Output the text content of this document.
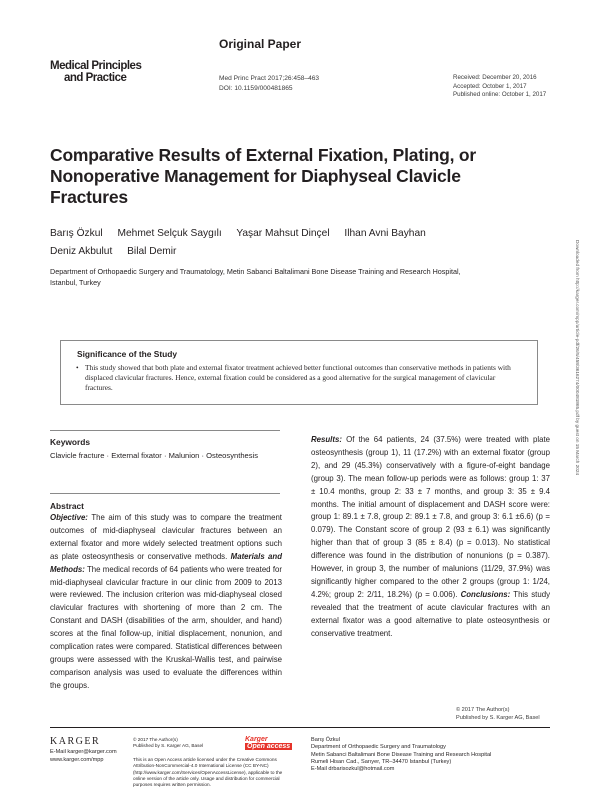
Medical Principles
and Practice
Original Paper
Med Princ Pract 2017;26:458–463
DOI: 10.1159/000481865
Received: December 20, 2016
Accepted: October 1, 2017
Published online: October 1, 2017
Comparative Results of External Fixation, Plating, or Nonoperative Management for Diaphyseal Clavicle Fractures
Barış Özkul Mehmet Selçuk Saygılı Yaşar Mahsut Dinçel Ilhan Avni Bayhan
Deniz Akbulut Bilal Demir
Department of Orthopaedic Surgery and Traumatology, Metin Sabanci Baltalimani Bone Disease Training and Research Hospital, Istanbul, Turkey
Significance of the Study
• This study showed that both plate and external fixator treatment achieved better functional outcomes than conservative methods in patients with displaced clavicular fractures. Hence, external fixation could be considered as a good alternative for the surgical management of clavicular fractures.
Keywords
Clavicle fracture · External fixator · Malunion · Osteosynthesis
Abstract
Objective: The aim of this study was to compare the treatment outcomes of mid-diaphyseal clavicular fractures between an external fixator and more widely selected treatment options such as plate osteosynthesis or conservative methods. Materials and Methods: The medical records of 64 patients who were treated for mid-diaphyseal clavicular fracture in our clinic from 2009 to 2013 were reviewed. The inclusion criterion was mid-diaphyseal closed clavicular fractures with shortening of more than 2 cm. The Constant and DASH (disabilities of the arm, shoulder, and hand) scores at the final follow-up, initial displacement, nonunion, and complication rates were compared. Statistical differences between groups were assessed with the Kruskal-Wallis test, and pairwise comparison analysis was used to evaluate the differences within the groups.
Results: Of the 64 patients, 24 (37.5%) were treated with plate osteosynthesis (group 1), 11 (17.2%) with an external fixator (group 2), and 29 (45.3%) conservatively with a figure-of-eight bandage (group 3). The mean follow-up periods were as follows: group 1: 37 ± 10.4 months, group 2: 33 ± 7 months, and group 3: 35 ± 9.4 months. The initial amount of displacement and DASH score were: group 1: 89.1 ± 7.8, group 2: 89.1 ± 7.8, and group 3: 6.1 ±6.6) (p = 0.079). The Constant score of group 2 (93 ± 6.1) was significantly higher than that of group 3 (85 ± 8.4) (p = 0.013). No statistical difference was found in the distribution of nonunions (p = 0.387). However, in group 3, the number of malunions (11/29, 37.9%) was significantly higher compared to the other 2 groups (group 1: 1/24, 4.2%; group 2: 2/11, 18.2%) (p = 0.006). Conclusions: This study revealed that the treatment of acute clavicular fractures with an external fixator was a good alternative to plate osteosynthesis or conservative treatment.
© 2017 The Author(s)
Published by S. Karger AG, Basel
KARGER
E-Mail karger@karger.com
www.karger.com/mpp
© 2017 The Author(s)
Published by S. Karger AG, Basel
This is an Open Access article licensed under the Creative Commons Attribution-NonCommercial-4.0 International License (CC BY-NC) (http://www.karger.com/Services/OpenAccessLicense), applicable to the online version of the article only. Usage and distribution for commercial purposes requires written permission.
Karger
Open access
Barış Özkul
Department of Orthopaedic Surgery and Traumatology
Metin Sabanci Baltalimani Bone Disease Training and Research Hospital
Rumeli Hisarı Cad., Sarıyer, TR–34470 Istanbul (Turkey)
E-Mail drbarisozkul@hotmail.com
Downloaded from http://karger.com/mpp/article-pdf/26/5/458/3616274/000481865.pdf by guest on 15 March 2024
